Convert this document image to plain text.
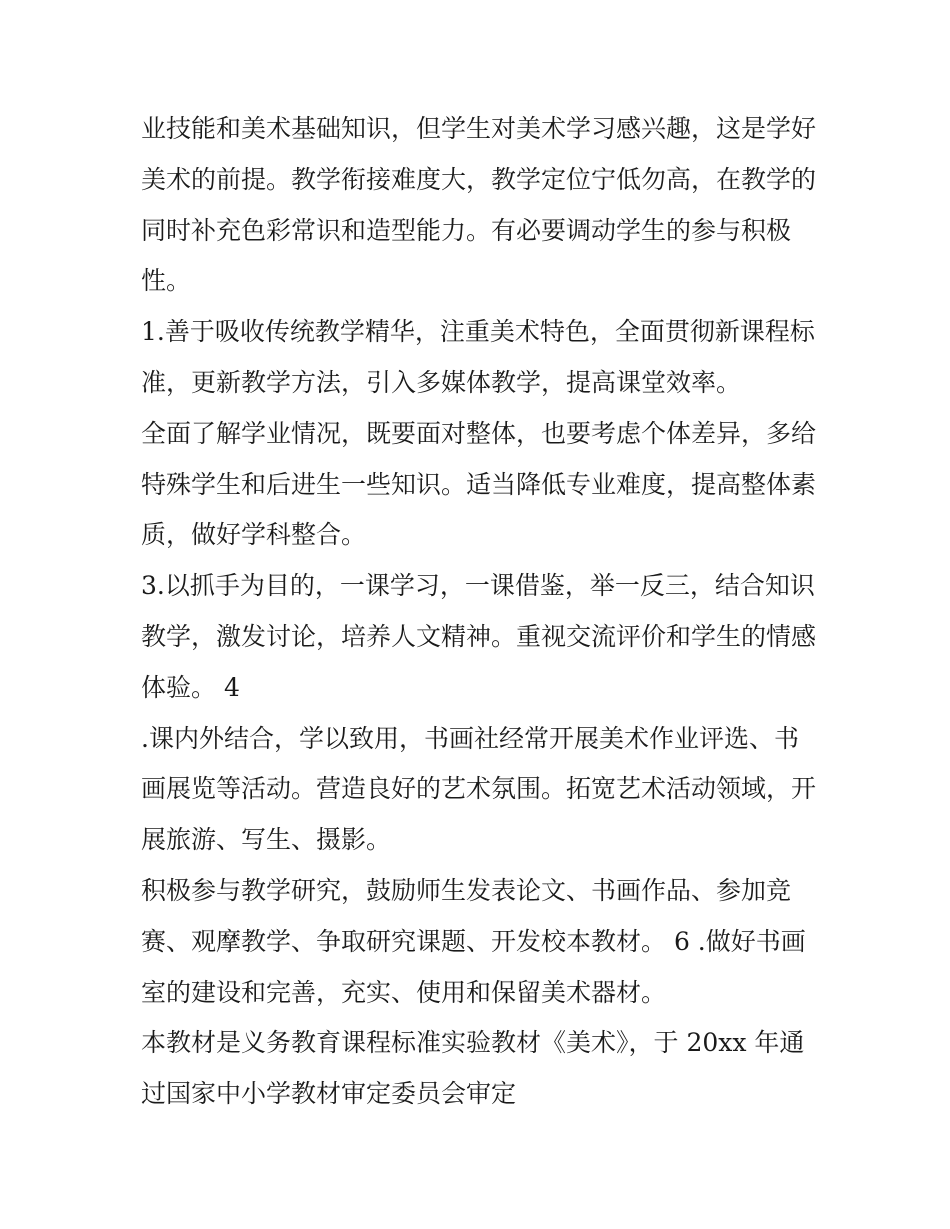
业技能和美术基础知识，但学生对美术学习感兴趣，这是学好
美术的前提。教学衔接难度大，教学定位宁低勿高，在教学的
同时补充色彩常识和造型能力。有必要调动学生的参与积极
性。
1.善于吸收传统教学精华，注重美术特色，全面贯彻新课程标
准，更新教学方法，引入多媒体教学，提高课堂效率。
全面了解学业情况，既要面对整体，也要考虑个体差异，多给
特殊学生和后进生一些知识。适当降低专业难度，提高整体素
质，做好学科整合。
3.以抓手为目的，一课学习，一课借鉴，举一反三，结合知识
教学，激发讨论，培养人文精神。重视交流评价和学生的情感
体验。 4
.课内外结合，学以致用，书画社经常开展美术作业评选、书
画展览等活动。营造良好的艺术氛围。拓宽艺术活动领域，开
展旅游、写生、摄影。
积极参与教学研究，鼓励师生发表论文、书画作品、参加竞
赛、观摩教学、争取研究课题、开发校本教材。 6 .做好书画
室的建设和完善，充实、使用和保留美术器材。
本教材是义务教育课程标准实验教材《美术》，于 20xx 年通
过国家中小学教材审定委员会审定
